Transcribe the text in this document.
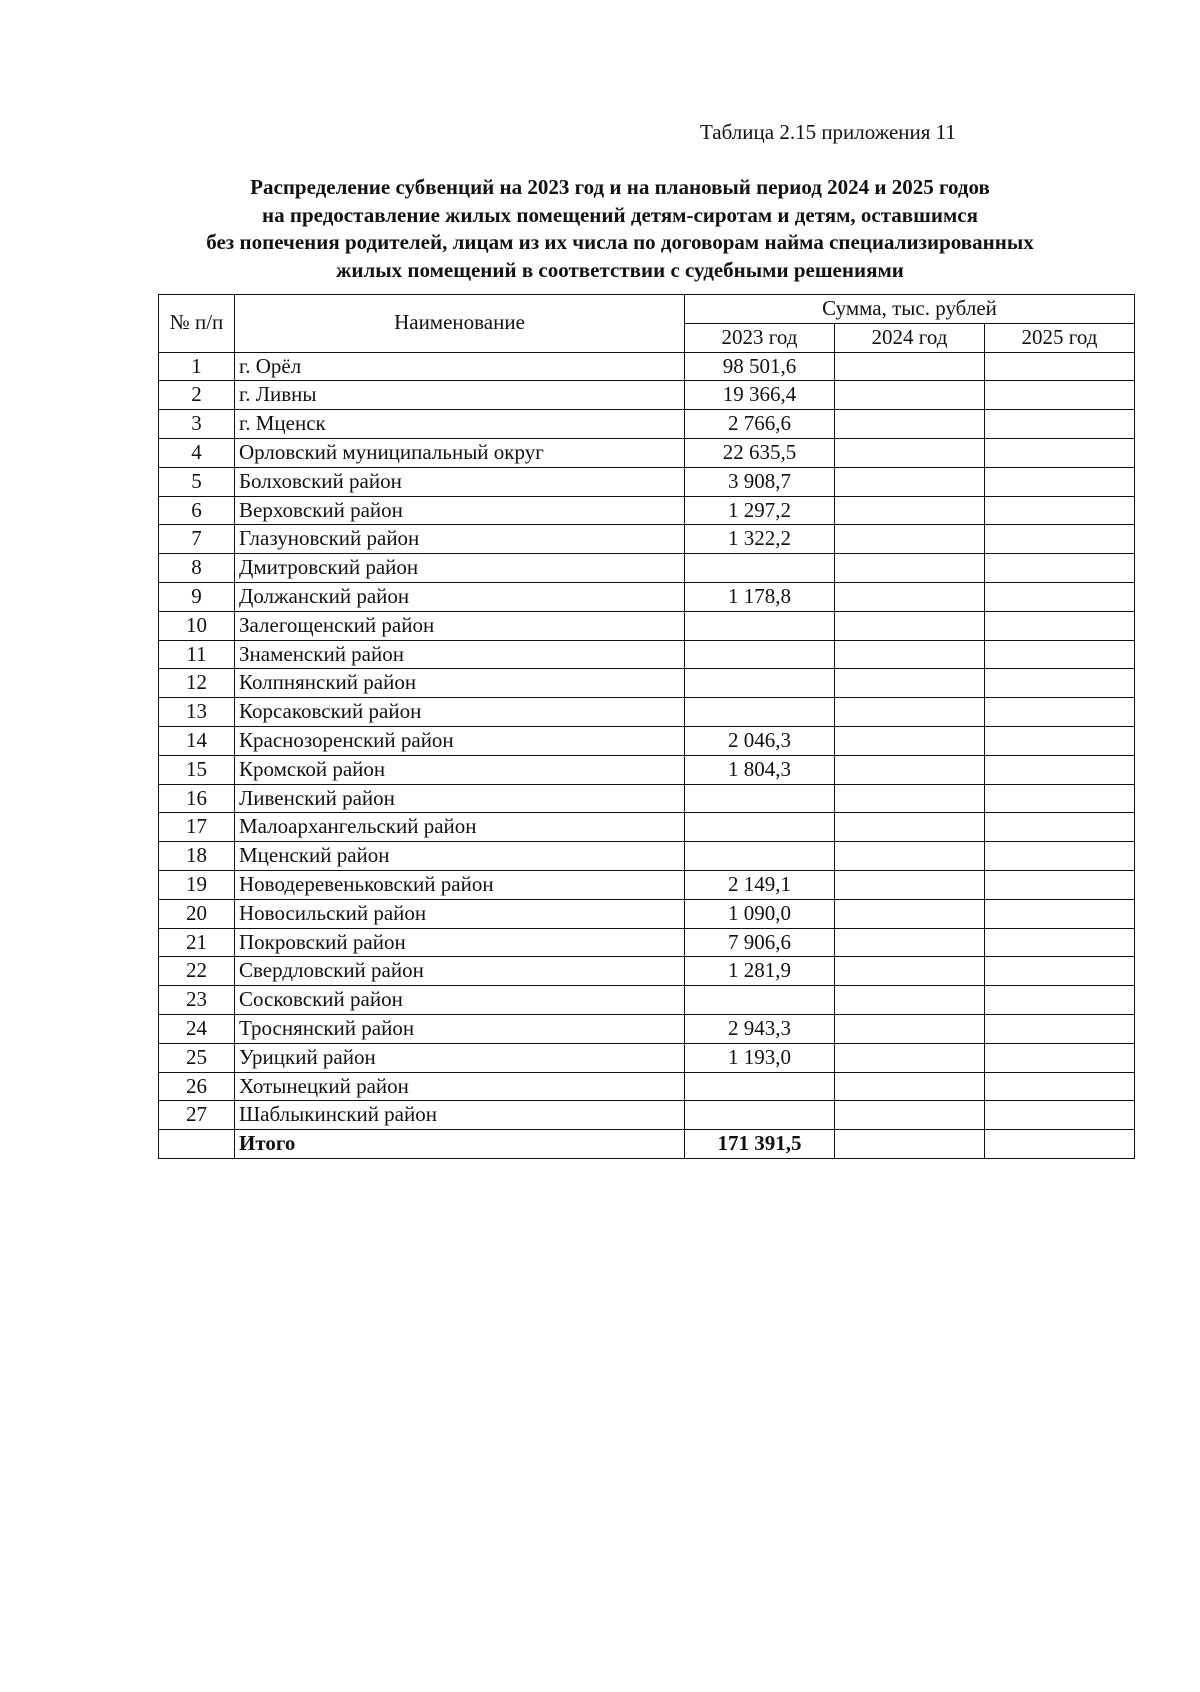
Таблица 2.15 приложения 11
Распределение субвенций на 2023 год и на плановый период 2024 и 2025 годов
на предоставление жилых помещений детям-сиротам и детям, оставшимся
без попечения родителей, лицам из их числа по договорам найма специализированных
жилых помещений в соответствии с судебными решениями
№ п/п	Наименование	Сумма, тыс. рублей		
		2023 год	2024 год	2025 год
1	г. Орёл	98 501,6		
2	г. Ливны	19 366,4		
3	г. Мценск	2 766,6		
4	Орловский муниципальный округ	22 635,5		
5	Болховский район	3 908,7		
6	Верховский район	1 297,2		
7	Глазуновский район	1 322,2		
8	Дмитровский район			
9	Должанский район	1 178,8		
10	Залегощенский район			
11	Знаменский район			
12	Колпнянский район			
13	Корсаковский район			
14	Краснозоренский район	2 046,3		
15	Кромской район	1 804,3		
16	Ливенский район			
17	Малоархангельский район			
18	Мценский район			
19	Новодеревеньковский район	2 149,1		
20	Новосильский район	1 090,0		
21	Покровский район	7 906,6		
22	Свердловский район	1 281,9		
23	Сосковский район			
24	Троснянский район	2 943,3		
25	Урицкий район	1 193,0		
26	Хотынецкий район			
27	Шаблыкинский район			
	Итого	171 391,5		
